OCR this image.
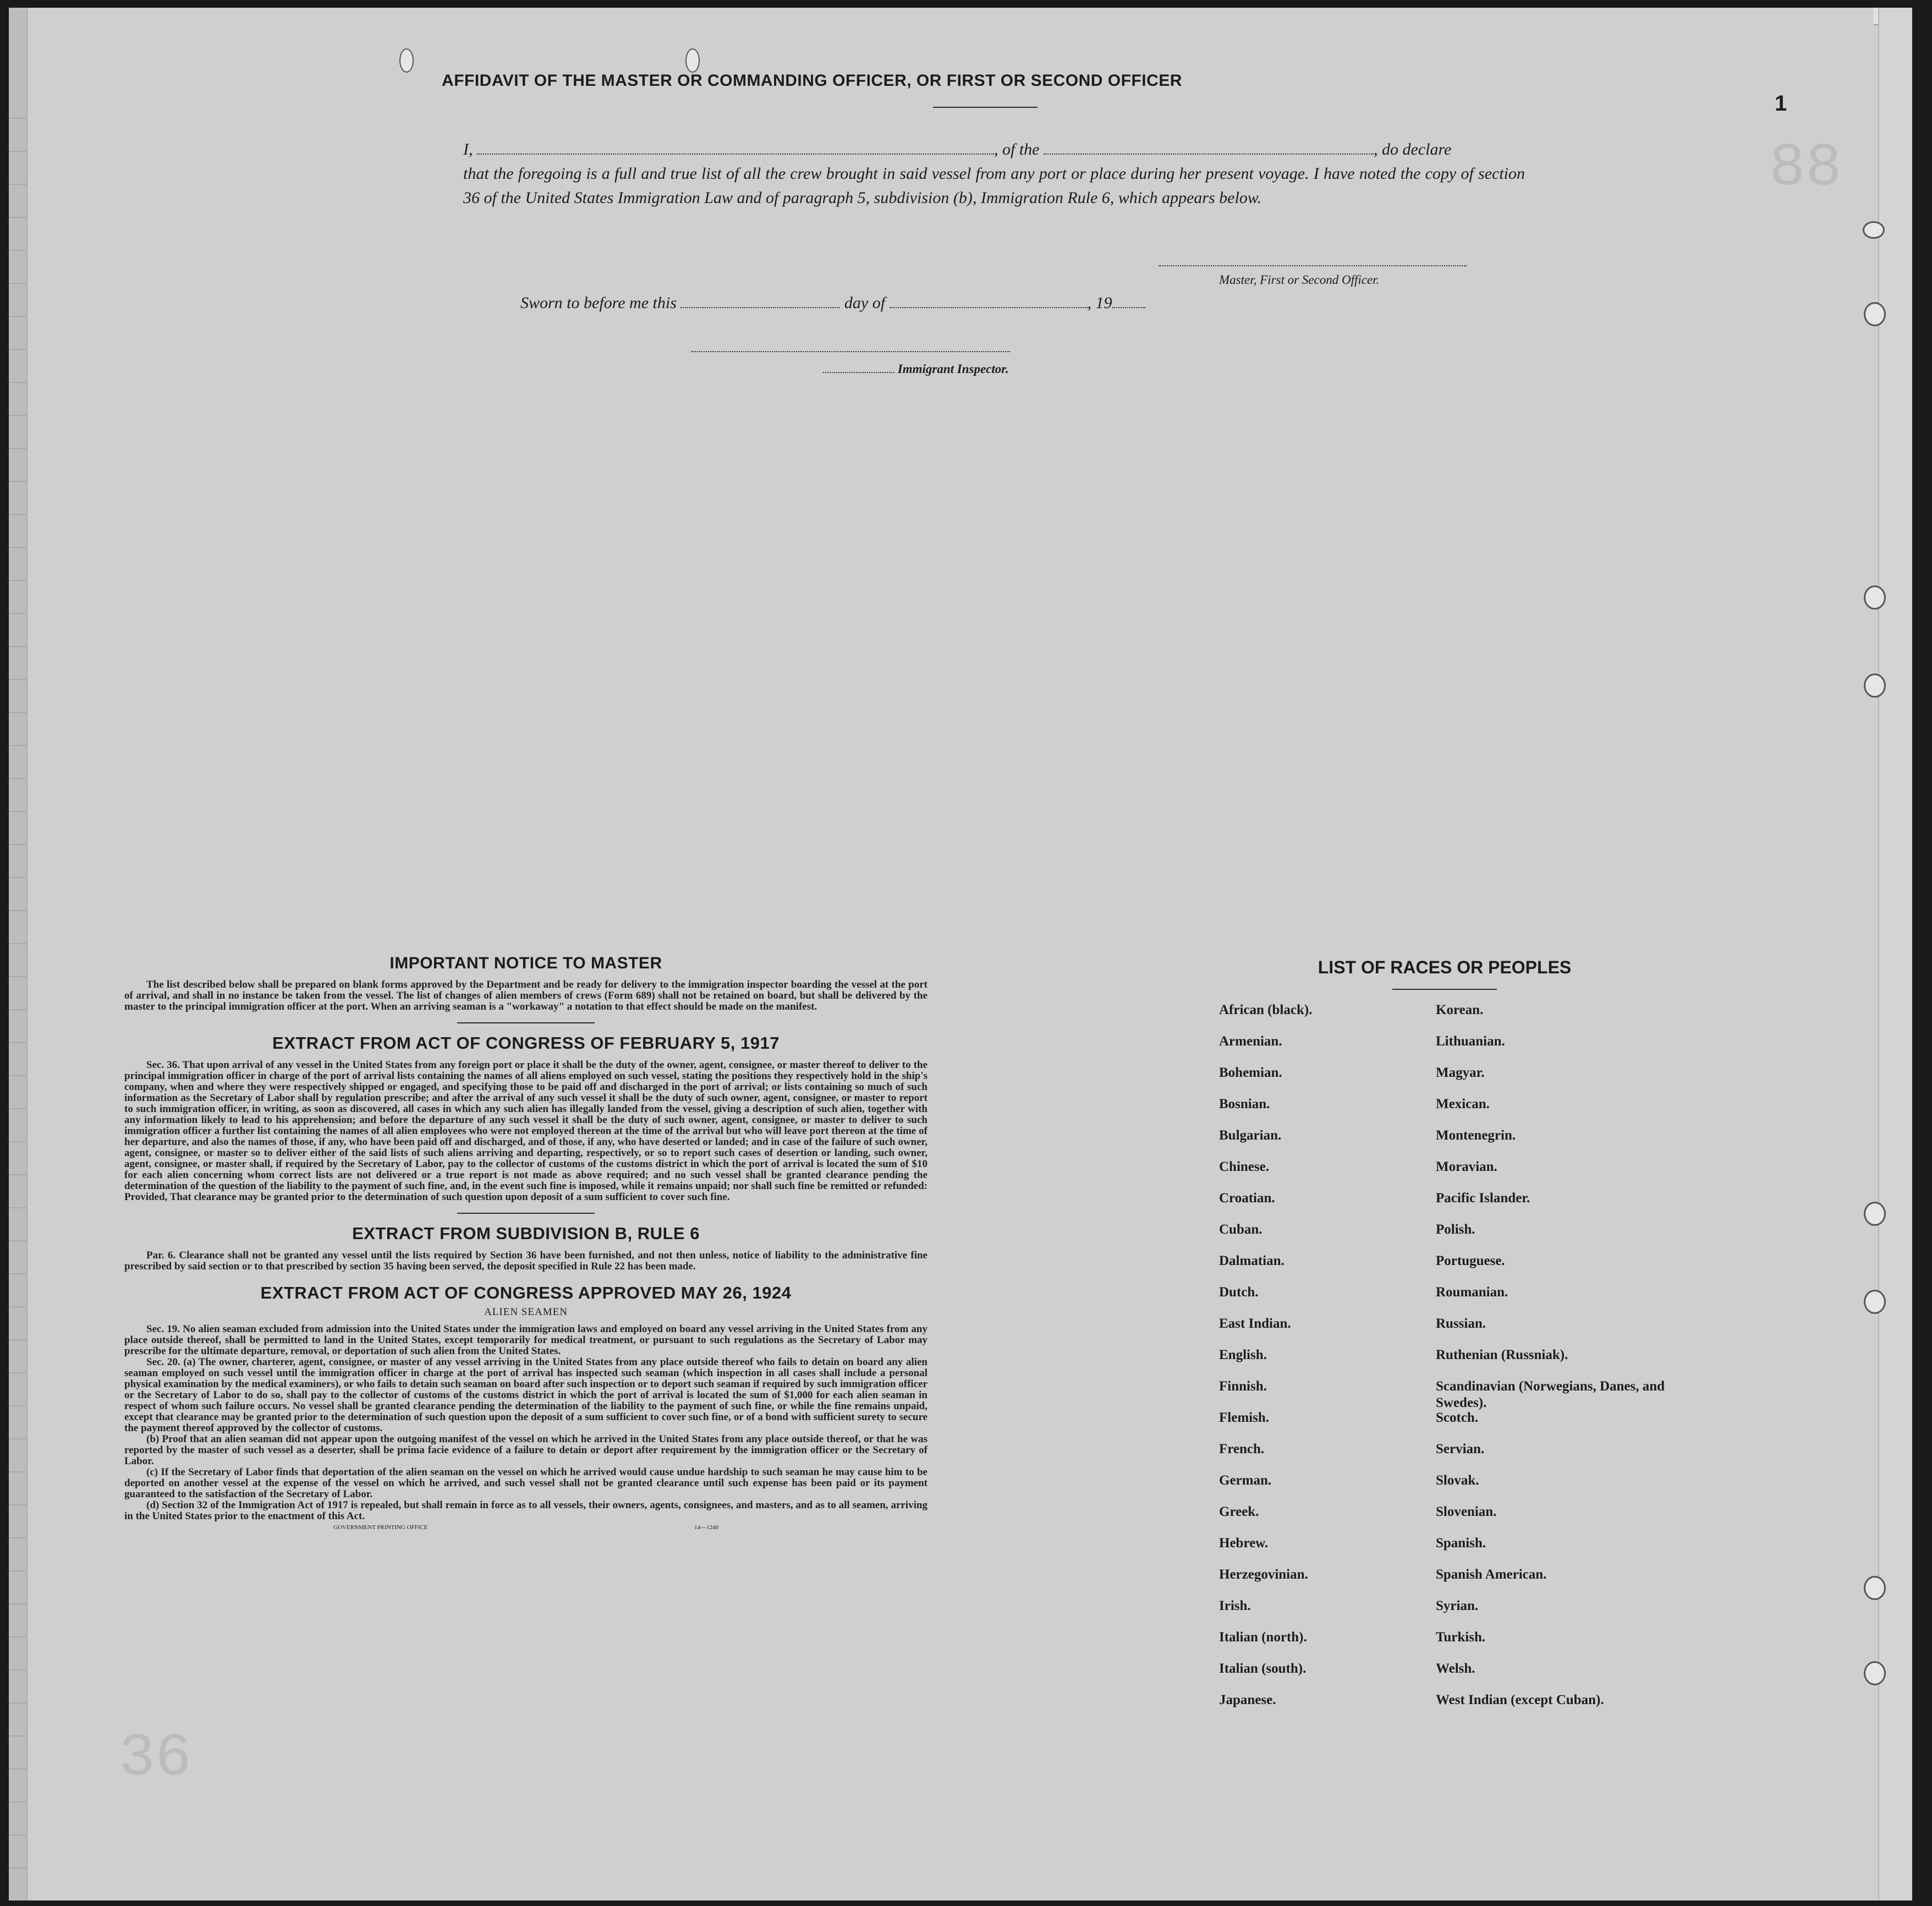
88
36
1
AFFIDAVIT OF THE MASTER OR COMMANDING OFFICER, OR FIRST OR SECOND OFFICER
I,	, of the	, do declare
that the foregoing is a full and true list of all the crew brought in said vessel from any port or place during her present voyage. I have noted the copy of section 36 of the United States Immigration Law and of paragraph 5, subdivision (b), Immigration Rule 6, which appears below.
Master, First or Second Officer.
Sworn to before me this	day of	, 19
Immigrant Inspector.
IMPORTANT NOTICE TO MASTER

The list described below shall be prepared on blank forms approved by the Department and be ready for delivery to the immigration inspector boarding the vessel at the port of arrival, and shall in no instance be taken from the vessel. The list of changes of alien members of crews (Form 689) shall not be retained on board, but shall be delivered by the master to the principal immigration officer at the port. When an arriving seaman is a "workaway" a notation to that effect should be made on the manifest.

EXTRACT FROM ACT OF CONGRESS OF FEBRUARY 5, 1917

Sec. 36. That upon arrival of any vessel in the United States from any foreign port or place it shall be the duty of the owner, agent, consignee, or master thereof to deliver to the principal immigration officer in charge of the port of arrival lists containing the names of all aliens employed on such vessel, stating the positions they respectively hold in the ship's company, when and where they were respectively shipped or engaged, and specifying those to be paid off and discharged in the port of arrival; or lists containing so much of such information as the Secretary of Labor shall by regulation prescribe; and after the arrival of any such vessel it shall be the duty of such owner, agent, consignee, or master to report to such immigration officer, in writing, as soon as discovered, all cases in which any such alien has illegally landed from the vessel, giving a description of such alien, together with any information likely to lead to his apprehension; and before the departure of any such vessel it shall be the duty of such owner, agent, consignee, or master to deliver to such immigration officer a further list containing the names of all alien employees who were not employed thereon at the time of the arrival but who will leave port thereon at the time of her departure, and also the names of those, if any, who have been paid off and discharged, and of those, if any, who have deserted or landed; and in case of the failure of such owner, agent, consignee, or master so to deliver either of the said lists of such aliens arriving and departing, respectively, or so to report such cases of desertion or landing, such owner, agent, consignee, or master shall, if required by the Secretary of Labor, pay to the collector of customs of the customs district in which the port of arrival is located the sum of $10 for each alien concerning whom correct lists are not delivered or a true report is not made as above required; and no such vessel shall be granted clearance pending the determination of the question of the liability to the payment of such fine, and, in the event such fine is imposed, while it remains unpaid; nor shall such fine be remitted or refunded: Provided, That clearance may be granted prior to the determination of such question upon deposit of a sum sufficient to cover such fine.

EXTRACT FROM SUBDIVISION B, RULE 6

Par. 6. Clearance shall not be granted any vessel until the lists required by Section 36 have been furnished, and not then unless, notice of liability to the administrative fine prescribed by said section or to that prescribed by section 35 having been served, the deposit specified in Rule 22 has been made.

EXTRACT FROM ACT OF CONGRESS APPROVED MAY 26, 1924
ALIEN SEAMEN

Sec. 19. No alien seaman excluded from admission into the United States under the immigration laws and employed on board any vessel arriving in the United States from any place outside thereof, shall be permitted to land in the United States, except temporarily for medical treatment, or pursuant to such regulations as the Secretary of Labor may prescribe for the ultimate departure, removal, or deportation of such alien from the United States.

Sec. 20. (a) The owner, charterer, agent, consignee, or master of any vessel arriving in the United States from any place outside thereof who fails to detain on board any alien seaman employed on such vessel until the immigration officer in charge at the port of arrival has inspected such seaman (which inspection in all cases shall include a personal physical examination by the medical examiners), or who fails to detain such seaman on board after such inspection or to deport such seaman if required by such immigration officer or the Secretary of Labor to do so, shall pay to the collector of customs of the customs district in which the port of arrival is located the sum of $1,000 for each alien seaman in respect of whom such failure occurs. No vessel shall be granted clearance pending the determination of the liability to the payment of such fine, or while the fine remains unpaid, except that clearance may be granted prior to the determination of such question upon the deposit of a sum sufficient to cover such fine, or of a bond with sufficient surety to secure the payment thereof approved by the collector of customs.

(b) Proof that an alien seaman did not appear upon the outgoing manifest of the vessel on which he arrived in the United States from any place outside thereof, or that he was reported by the master of such vessel as a deserter, shall be prima facie evidence of a failure to detain or deport after requirement by the immigration officer or the Secretary of Labor.

(c) If the Secretary of Labor finds that deportation of the alien seaman on the vessel on which he arrived would cause undue hardship to such seaman he may cause him to be deported on another vessel at the expense of the vessel on which he arrived, and such vessel shall not be granted clearance until such expense has been paid or its payment guaranteed to the satisfaction of the Secretary of Labor.

(d) Section 32 of the Immigration Act of 1917 is repealed, but shall remain in force as to all vessels, their owners, agents, consignees, and masters, and as to all seamen, arriving in the United States prior to the enactment of this Act.

GOVERNMENT PRINTING OFFICE	14—1240
LIST OF RACES OR PEOPLES
African (black).	Korean.
Armenian.	Lithuanian.
Bohemian.	Magyar.
Bosnian.	Mexican.
Bulgarian.	Montenegrin.
Chinese.	Moravian.
Croatian.	Pacific Islander.
Cuban.	Polish.
Dalmatian.	Portuguese.
Dutch.	Roumanian.
East Indian.	Russian.
English.	Ruthenian (Russniak).
Finnish.	Scandinavian (Norwegians, Danes, and Swedes).
Flemish.	Scotch.
French.	Servian.
German.	Slovak.
Greek.	Slovenian.
Hebrew.	Spanish.
Herzegovinian.	Spanish American.
Irish.	Syrian.
Italian (north).	Turkish.
Italian (south).	Welsh.
Japanese.	West Indian (except Cuban).
